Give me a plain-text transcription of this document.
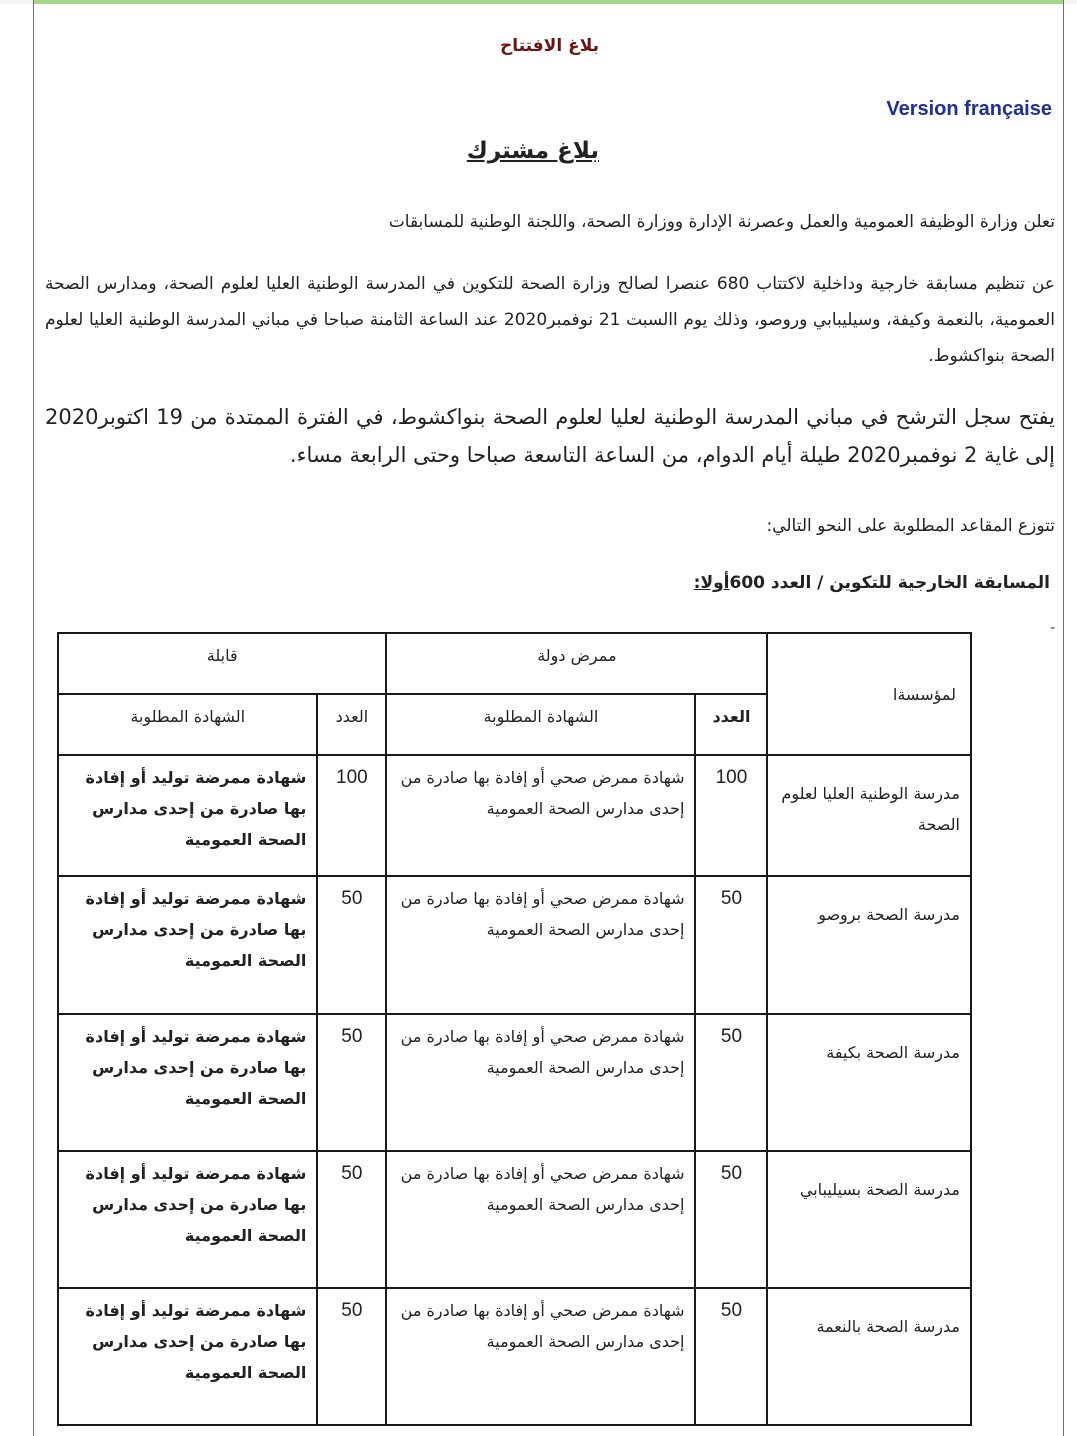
بلاغ الافتتاح
Version française
بلاغ مشترك
تعلن وزارة الوظيفة العمومية والعمل وعصرنة الإدارة ووزارة الصحة، واللجنة الوطنية للمسابقات
عن تنظيم مسابقة خارجية وداخلية لاكتتاب 680 عنصرا لصالح وزارة الصحة للتكوين في المدرسة الوطنية العليا لعلوم الصحة، ومدارس الصحة العمومية، بالنعمة وكيفة، وسيليبابي وروصو، وذلك يوم االسبت 21 نوفمبر2020 عند الساعة الثامنة صباحا في مباني المدرسة الوطنية العليا لعلوم الصحة بنواكشوط.
يفتح سجل الترشح في مباني المدرسة الوطنية لعليا لعلوم الصحة بنواكشوط، في الفترة الممتدة من 19 اكتوبر2020 إلى غاية 2 نوفمبر2020 طيلة أيام الدوام، من الساعة التاسعة صباحا وحتى الرابعة مساء.
تتوزع المقاعد المطلوبة على النحو التالي:
المسابقة الخارجية للتكوين / العدد 600أولا:
-
لمؤسسةا	ممرض دولة		قابلة	
	العدد	الشهادة المطلوبة	العدد	الشهادة المطلوبة
مدرسة الوطنية العليا لعلوم الصحة	100	شهادة ممرض صحي أو إفادة بها صادرة من إحدى مدارس الصحة العمومية	100	شهادة ممرضة توليد أو إفادة بها صادرة من إحدى مدارس الصحة العمومية
مدرسة الصحة بروصو	50	شهادة ممرض صحي أو إفادة بها صادرة من إحدى مدارس الصحة العمومية	50	شهادة ممرضة توليد أو إفادة بها صادرة من إحدى مدارس الصحة العمومية
مدرسة الصحة بكيفة	50	شهادة ممرض صحي أو إفادة بها صادرة من إحدى مدارس الصحة العمومية	50	شهادة ممرضة توليد أو إفادة بها صادرة من إحدى مدارس الصحة العمومية
مدرسة الصحة بسيليبابي	50	شهادة ممرض صحي أو إفادة بها صادرة من إحدى مدارس الصحة العمومية	50	شهادة ممرضة توليد أو إفادة بها صادرة من إحدى مدارس الصحة العمومية
مدرسة الصحة بالنعمة	50	شهادة ممرض صحي أو إفادة بها صادرة من إحدى مدارس الصحة العمومية	50	شهادة ممرضة توليد أو إفادة بها صادرة من إحدى مدارس الصحة العمومية
